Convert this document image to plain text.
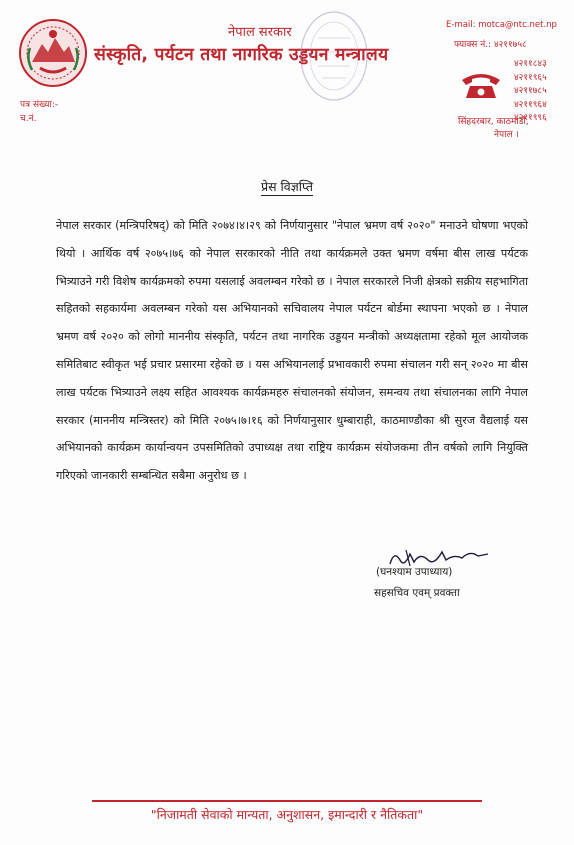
नेपाल सरकार
संस्कृति, पर्यटन तथा नागरिक उड्डयन मन्त्रालय
E-mail: motca@ntc.net.np
फ्याक्स नं.: ४२११७५८
४२११८४३
४२११९६५
४२११७८५
४२११९६४
४२११९९६
सिंहदरबार, काठमाडौं,
नेपाल ।
पत्र संख्या:-
च.नं.
प्रेस विज्ञप्ति
नेपाल सरकार (मन्त्रिपरिषद्) को मिति २०७४।४।२९ को निर्णयानुसार "नेपाल भ्रमण वर्ष २०२०" मनाउने घोषणा भएको थियो । आर्थिक वर्ष २०७५।७६ को नेपाल सरकारको नीति तथा कार्यक्रमले उक्त भ्रमण वर्षमा बीस लाख पर्यटक भित्र्याउने गरी विशेष कार्यक्रमको रुपमा यसलाई अवलम्बन गरेको छ । नेपाल सरकारले निजी क्षेत्रको सक्रीय सहभागिता सहितको सहकार्यमा अवलम्बन गरेको यस अभियानको सचिवालय नेपाल पर्यटन बोर्डमा स्थापना भएको छ । नेपाल भ्रमण वर्ष २०२० को लोगो माननीय संस्कृति, पर्यटन तथा नागरिक उड्डयन मन्त्रीको अध्यक्षतामा रहेको मूल आयोजक समितिबाट स्वीकृत भई प्रचार प्रसारमा रहेको छ । यस अभियानलाई प्रभावकारी रुपमा संचालन गरी सन् २०२० मा बीस लाख पर्यटक भित्र्याउने लक्ष्य सहित आवश्यक कार्यक्रमहरु संचालनको संयोजन, समन्वय तथा संचालनका लागि नेपाल सरकार (माननीय मन्त्रिस्तर) को मिति २०७५।७।१६ को निर्णयानुसार धुम्बाराही, काठमाण्डौका श्री सुरज वैद्यलाई यस अभियानको कार्यक्रम कार्यान्वयन उपसमितिको उपाध्यक्ष तथा राष्ट्रिय कार्यक्रम संयोजकमा तीन वर्षको लागि नियुक्ति गरिएको जानकारी सम्बन्धित सबैमा अनुरोध छ ।
(घनश्याम उपाध्याय)
सहसचिव एवम् प्रवक्ता
"निजामती सेवाको मान्यता, अनुशासन, इमान्दारी र नैतिकता"
